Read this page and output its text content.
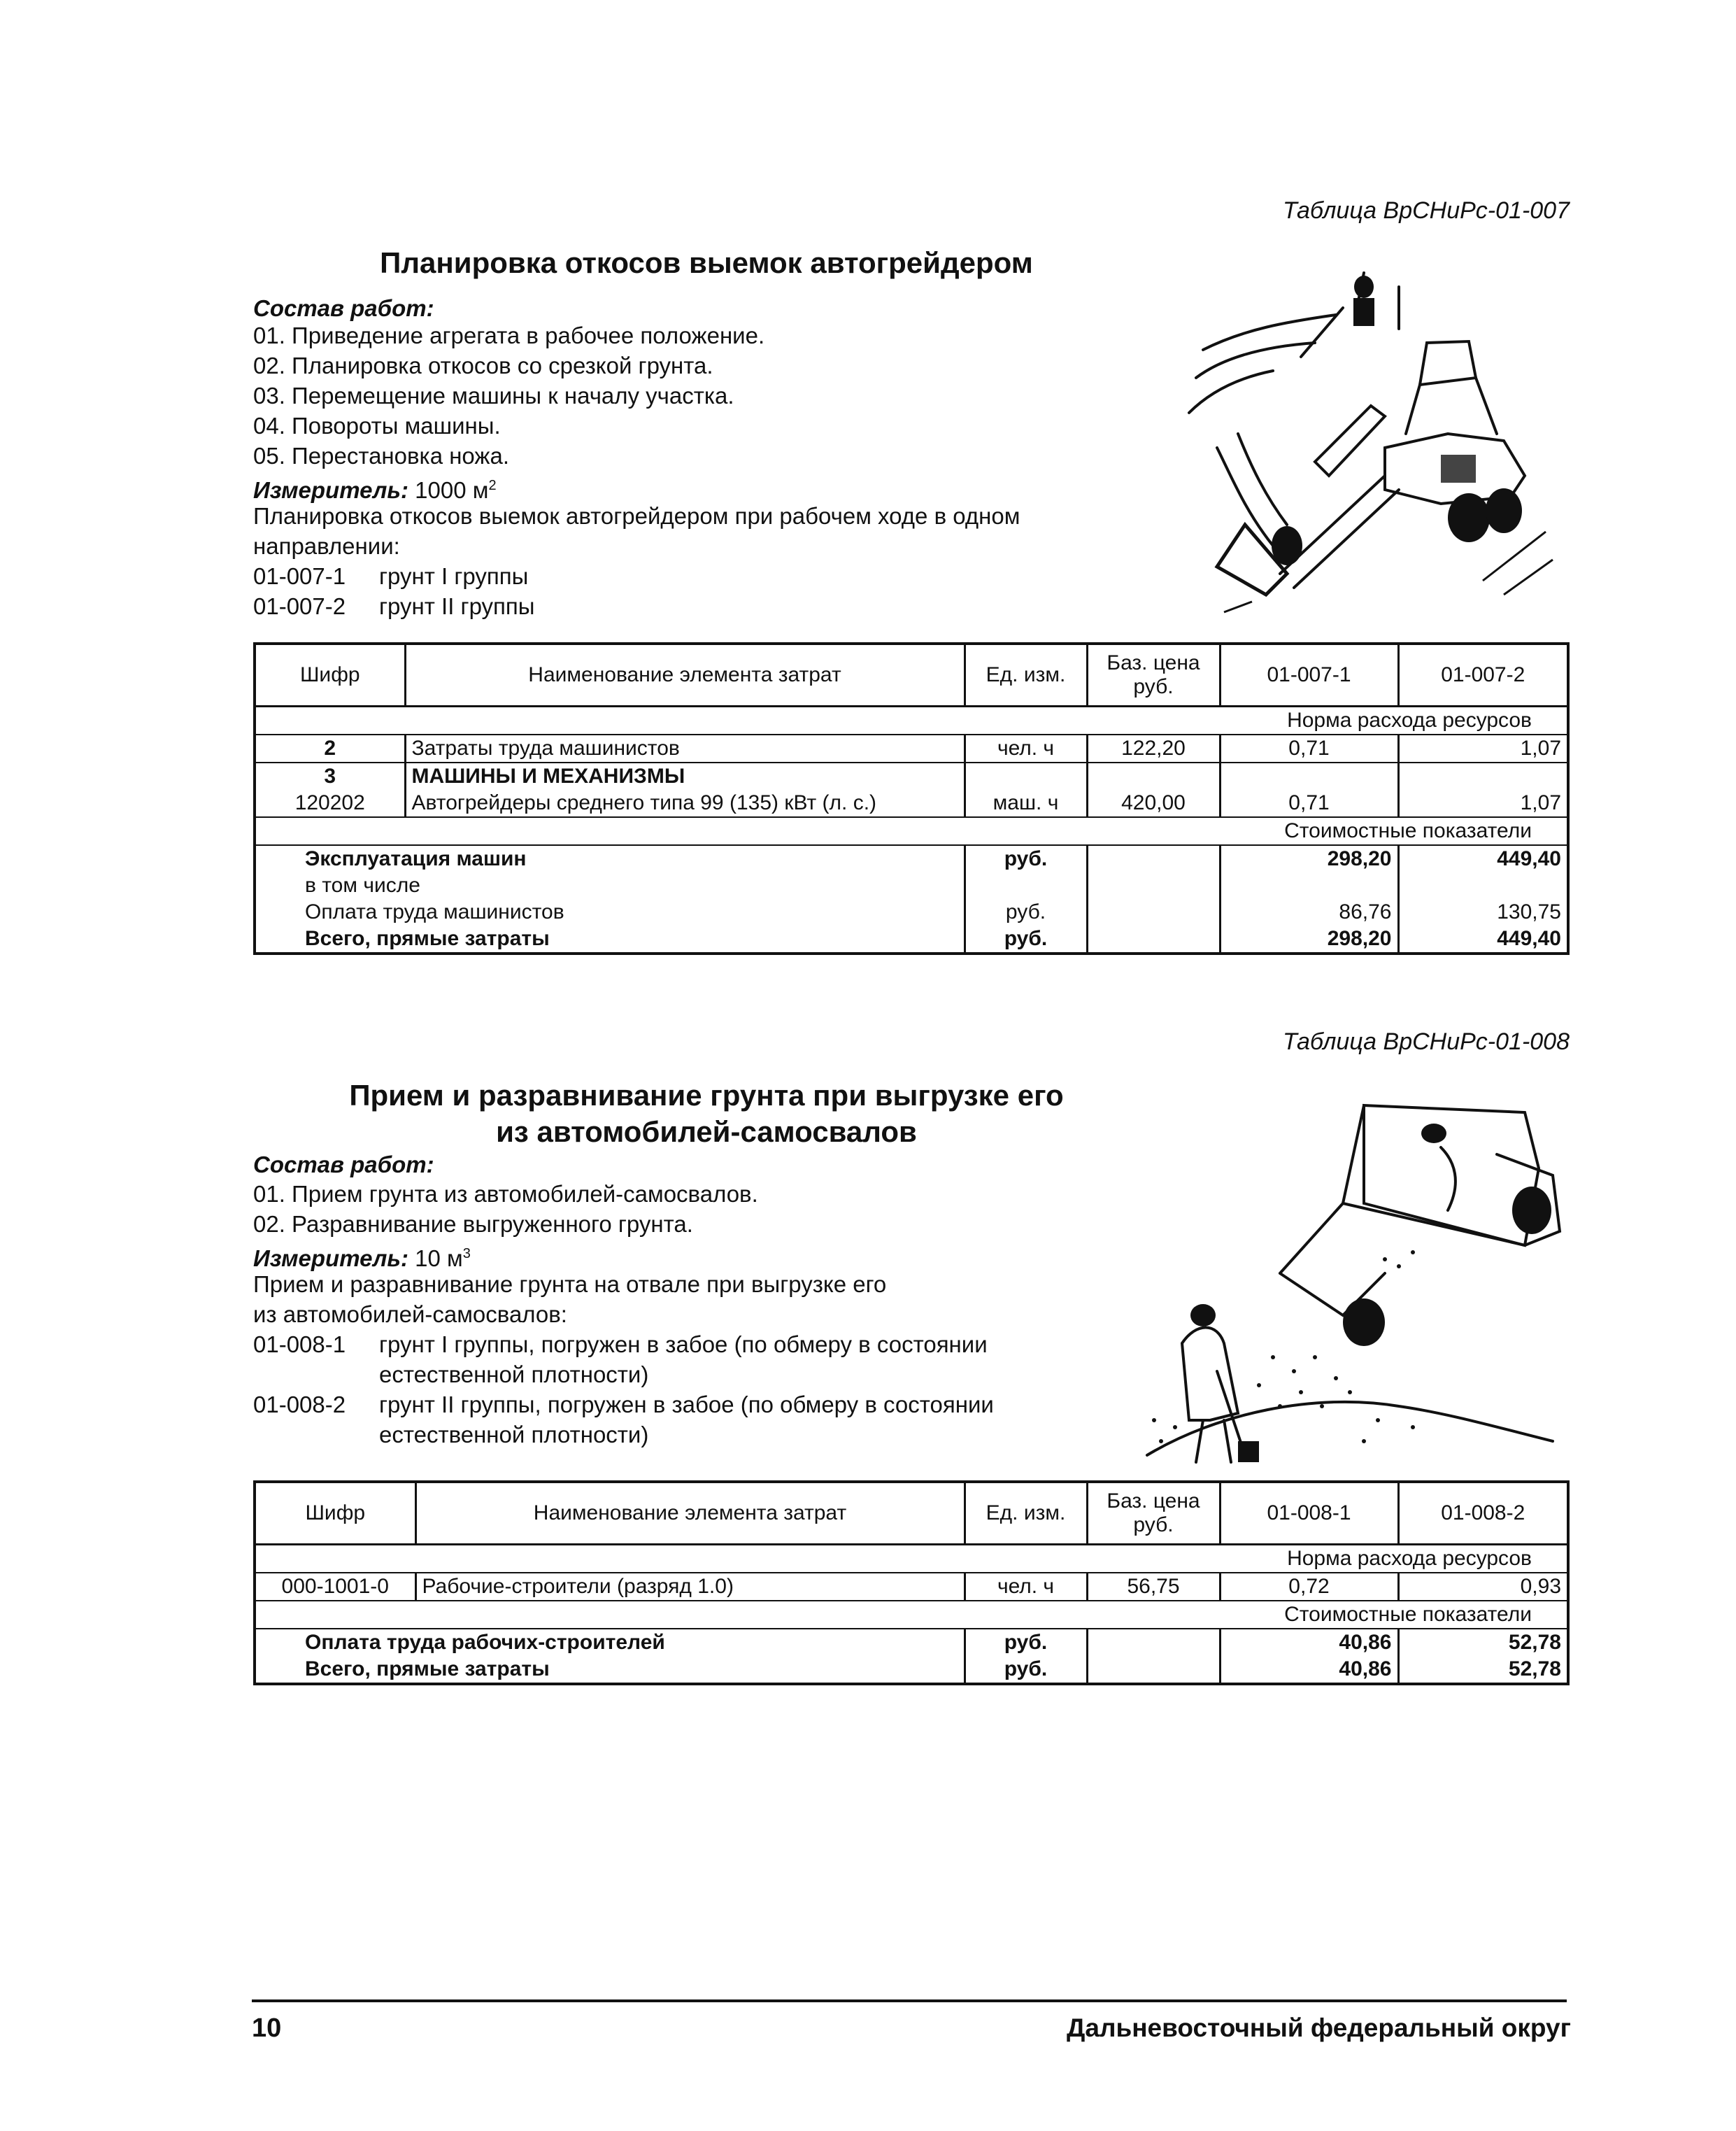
Таблица ВрСНиРс-01-007
Планировка откосов выемок автогрейдером
Состав работ:
01. Приведение агрегата в рабочее положение.
02. Планировка откосов со срезкой грунта.
03. Перемещение машины к началу участка.
04. Повороты машины.
05. Перестановка ножа.
Измеритель: 1000 $м^2$
Планировка откосов выемок автогрейдером при рабочем ходе в одном
направлении:
01-007-1 грунт I группы
01-007-2 грунт II группы
Шифр	Наименование элемента затрат	Ед. изм.	Баз. цена руб.	01-007-1	01-007-2
Норма расхода ресурсов					
2	Затраты труда машинистов	чел. ч	122,20	0,71	1,07
3	МАШИНЫ И МЕХАНИЗМЫ				
120202	Автогрейдеры среднего типа 99 (135) кВт (л. с.)	маш. ч	420,00	0,71	1,07
Стоимостные показатели					
Эксплуатация машин		руб.		298,20	449,40
в том числе					
Оплата труда машинистов		руб.		86,76	130,75
Всего, прямые затраты		руб.		298,20	449,40
Таблица ВрСНиРс-01-008
Прием и разравнивание грунта при выгрузке его
из автомобилей-самосвалов
Состав работ:
01. Прием грунта из автомобилей-самосвалов.
02. Разравнивание выгруженного грунта.
Измеритель: 10 $м^3$
Прием и разравнивание грунта на отвале при выгрузке его
из автомобилей-самосвалов:
01-008-1 грунт I группы, погружен в забое (по обмеру в состоянии
естественной плотности)
01-008-2 грунт II группы, погружен в забое (по обмеру в состоянии
естественной плотности)
Шифр	Наименование элемента затрат	Ед. изм.	Баз. цена руб.	01-008-1	01-008-2
Норма расхода ресурсов					
000-1001-0	Рабочие-строители (разряд 1.0)	чел. ч	56,75	0,72	0,93
Стоимостные показатели					
Оплата труда рабочих-строителей		руб.		40,86	52,78
Всего, прямые затраты		руб.		40,86	52,78
10	Дальневосточный федеральный округ
